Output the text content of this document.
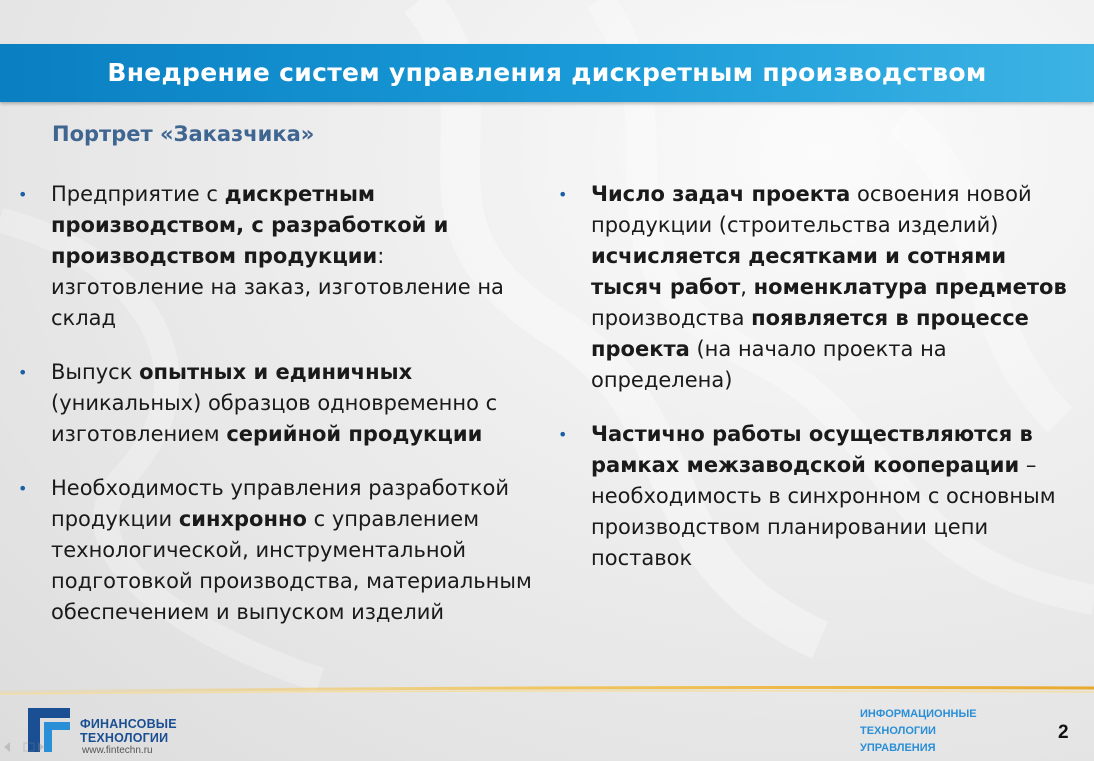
Внедрение систем управления дискретным производством
Портрет «Заказчика»
• Предприятие с дискретным производством, с разработкой и производством продукции: изготовление на заказ, изготовление на склад
• Выпуск опытных и единичных (уникальных) образцов одновременно с изготовлением серийной продукции
• Необходимость управления разработкой продукции синхронно с управлением технологической, инструментальной подготовкой производства, материальным обеспечением и выпуском изделий
• Число задач проекта освоения новой продукции (строительства изделий) исчисляется десятками и сотнями тысяч работ, номенклатура предметов производства появляется в процессе проекта (на начало проекта на определена)
• Частично работы осуществляются в рамках межзаводской кооперации – необходимость в синхронном с основным производством планировании цепи поставок
ФИНАНСОВЫЕ
ТЕХНОЛОГИИ
www.fintechn.ru
ИНФОРМАЦИОННЫЕ
ТЕХНОЛОГИИ
УПРАВЛЕНИЯ
2
